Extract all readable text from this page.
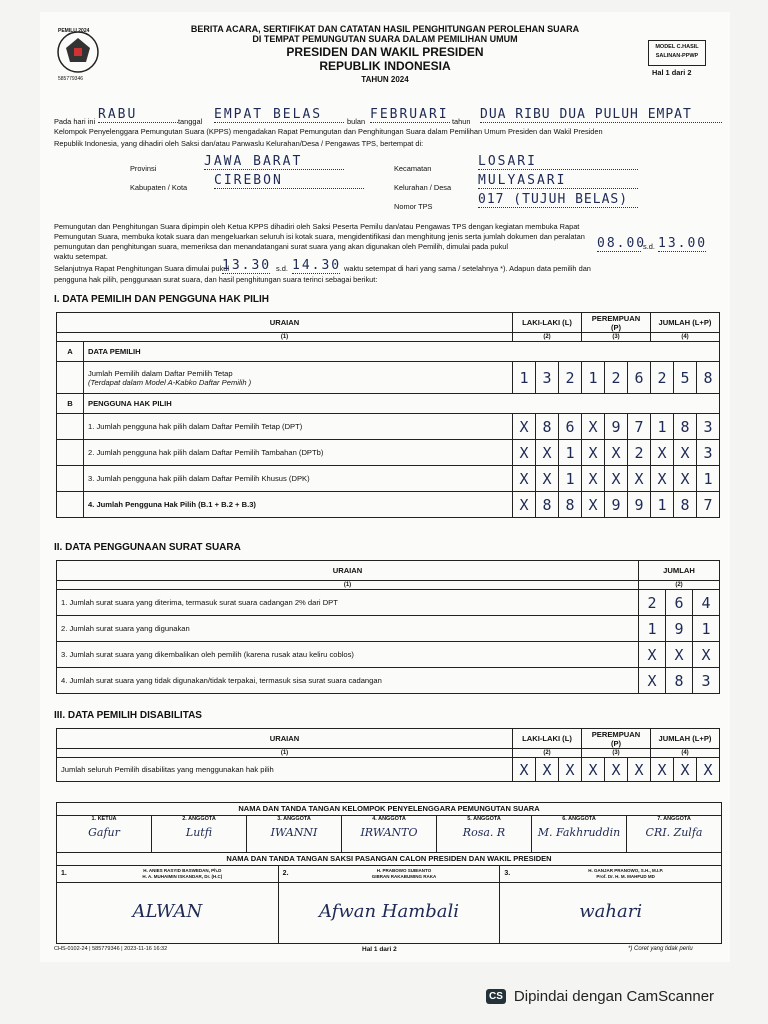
PEMILU 2024
585779346
BERITA ACARA, SERTIFIKAT DAN CATATAN HASIL PENGHITUNGAN PEROLEHAN SUARA
DI TEMPAT PEMUNGUTAN SUARA DALAM PEMILIHAN UMUM
PRESIDEN DAN WAKIL PRESIDEN
REPUBLIK INDONESIA
TAHUN 2024
MODEL C.HASIL
SALINAN-PPWP
Hal 1 dari 2
Pada hari ini RABU	tanggal EMPAT BELAS	bulan FEBRUARI tahun DUA RIBU DUA PULUH EMPAT
Kelompok Penyelenggara Pemungutan Suara (KPPS) mengadakan Rapat Pemungutan dan Penghitungan Suara dalam Pemilihan Umum Presiden dan Wakil Presiden
Republik Indonesia, yang dihadiri oleh Saksi dan/atau Panwaslu Kelurahan/Desa / Pengawas TPS, bertempat di:
Provinsi	JAWA BARAT
Kabupaten / Kota CIREBON
Kecamatan	LOSARI
Kelurahan / Desa MULYASARI
Nomor TPS	017 (TUJUH BELAS)
Pemungutan dan Penghitungan Suara dipimpin oleh Ketua KPPS dihadiri oleh Saksi Peserta Pemilu dan/atau Pengawas TPS dengan kegiatan membuka Rapat
Pemungutan Suara, membuka kotak suara dan mengeluarkan seluruh isi kotak suara, mengidentifikasi dan menghitung jenis serta jumlah dokumen dan peralatan
pemungutan dan penghitungan suara, memeriksa dan menandatangani surat suara yang akan digunakan oleh Pemilih, dimulai pada pukul	08.00
s.d. 13.00
waktu setempat.
Selanjutnya Rapat Penghitungan Suara dimulai pukul
13.30 s.d. 14.30 waktu setempat di hari yang sama / setelahnya *). Adapun data pemilih dan
pengguna hak pilih, penggunaan surat suara, dan hasil penghitungan suara terinci sebagai berikut:
I. DATA PEMILIH DAN PENGGUNA HAK PILIH
URAIAN		LAKI-LAKI (L)			PEREMPUAN (P)			JUMLAH (L+P)		
(1)		(2)			(3)			(4)		
A	DATA PEMILIH									

	Jumlah Pemilih dalam Daftar Pemilih Tetap
(Terdapat dalam Model A-Kabko Daftar Pemilih )	1	3	2	1	2	6	2	5	8
B	PENGGUNA HAK PILIH									
	1. Jumlah pengguna hak pilih dalam Daftar Pemilih Tetap (DPT)	X	8	6	X	9	7	1	8	3
	2. Jumlah pengguna hak pilih dalam Daftar Pemilih Tambahan (DPTb)	X	X	1	X	X	2	X	X	3
	3. Jumlah pengguna hak pilih dalam Daftar Pemilih Khusus (DPK)	X	X	1	X	X	X	X	X	1
	4. Jumlah Pengguna Hak Pilih (B.1 + B.2 + B.3)	X	8	8	X	9	9	1	8	7
II. DATA PENGGUNAAN SURAT SUARA
URAIAN	JUMLAH		
(1)	(2)		
1. Jumlah surat suara yang diterima, termasuk surat suara cadangan 2% dari DPT	2	6	4
2. Jumlah surat suara yang digunakan	1	9	1
3. Jumlah surat suara yang dikembalikan oleh pemilih (karena rusak atau keliru coblos)	X	X	X
4. Jumlah surat suara yang tidak digunakan/tidak terpakai, termasuk sisa surat suara cadangan	X	8	3
III. DATA PEMILIH DISABILITAS
URAIAN	LAKI-LAKI (L)			PEREMPUAN (P)			JUMLAH (L+P)		
(1)	(2)			(3)			(4)		
Jumlah seluruh Pemilih disabilitas yang menggunakan hak pilih	X	X	X	X	X	X	X	X	X
NAMA DAN TANDA TANGAN KELOMPOK PENYELENGGARA PEMUNGUTAN SUARA
1. KETUA
Gafur
2. ANGGOTA
Lutfi
3. ANGGOTA
IWANNI
4. ANGGOTA
IRWANTO
5. ANGGOTA
Rosa. R
6. ANGGOTA
M. Fakhruddin
7. ANGGOTA
CRI. Zulfa
NAMA DAN TANDA TANGAN SAKSI PASANGAN CALON PRESIDEN DAN WAKIL PRESIDEN
1.	H. ANIES RASYID BASWEDAN, Ph.D
H. A. MUHAIMIN ISKANDAR, Dr. (H.C)
ALWAN
2.	H. PRABOWO SUBIANTO
GIBRAN RAKABUMING RAKA
Afwan Hambali
3.	H. GANJAR PRANOWO, S.H., M.I.P.
Prof. Dr. H. M. MAHFUD MD
wahari
CHS-0102-24 | 585779346 | 2023-11-16 16:32	Hal 1 dari 2	*) Coret yang tidak perlu
CS Dipindai dengan CamScanner
